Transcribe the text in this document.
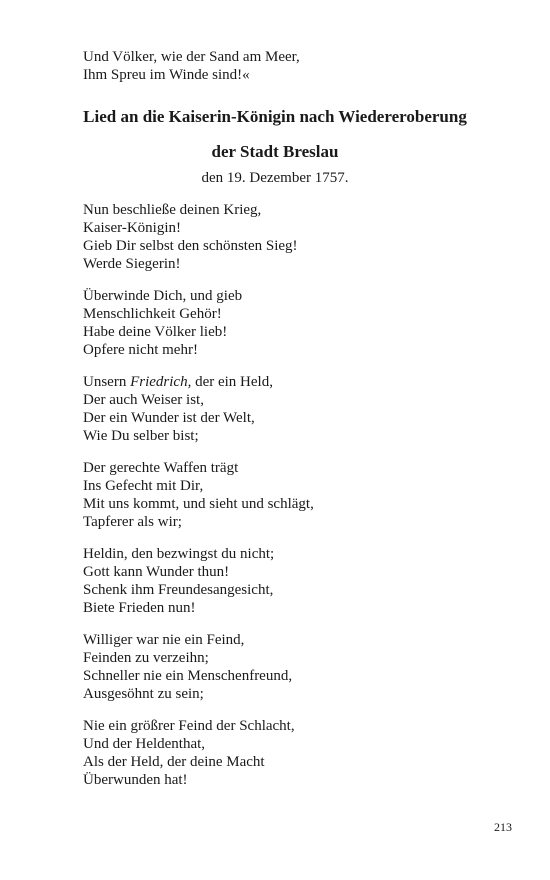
Und Völker, wie der Sand am Meer,
Ihm Spreu im Winde sind!«
Lied an die Kaiserin-Königin nach Wiedereroberung
der Stadt Breslau
den 19. Dezember 1757.
Nun beschließe deinen Krieg,
Kaiser-Königin!
Gieb Dir selbst den schönsten Sieg!
Werde Siegerin!
Überwinde Dich, und gieb
Menschlichkeit Gehör!
Habe deine Völker lieb!
Opfere nicht mehr!
Unsern Friedrich, der ein Held,
Der auch Weiser ist,
Der ein Wunder ist der Welt,
Wie Du selber bist;
Der gerechte Waffen trägt
Ins Gefecht mit Dir,
Mit uns kommt, und sieht und schlägt,
Tapferer als wir;
Heldin, den bezwingst du nicht;
Gott kann Wunder thun!
Schenk ihm Freundesangesicht,
Biete Frieden nun!
Williger war nie ein Feind,
Feinden zu verzeihn;
Schneller nie ein Menschenfreund,
Ausgesöhnt zu sein;
Nie ein größrer Feind der Schlacht,
Und der Heldenthat,
Als der Held, der deine Macht
Überwunden hat!
213
